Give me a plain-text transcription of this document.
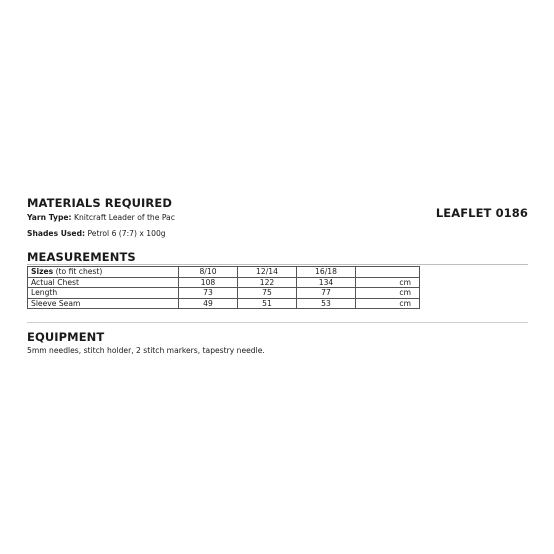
MATERIALS REQUIRED
Yarn Type: Knitcraft Leader of the Pac
Shades Used: Petrol 6 (7:7) x 100g
LEAFLET 0186
MEASUREMENTS
Sizes (to fit chest)	8/10	12/14	16/18	
Actual Chest	108	122	134	cm
Length	73	75	77	cm
Sleeve Seam	49	51	53	cm
EQUIPMENT
5mm needles, stitch holder, 2 stitch markers, tapestry needle.
